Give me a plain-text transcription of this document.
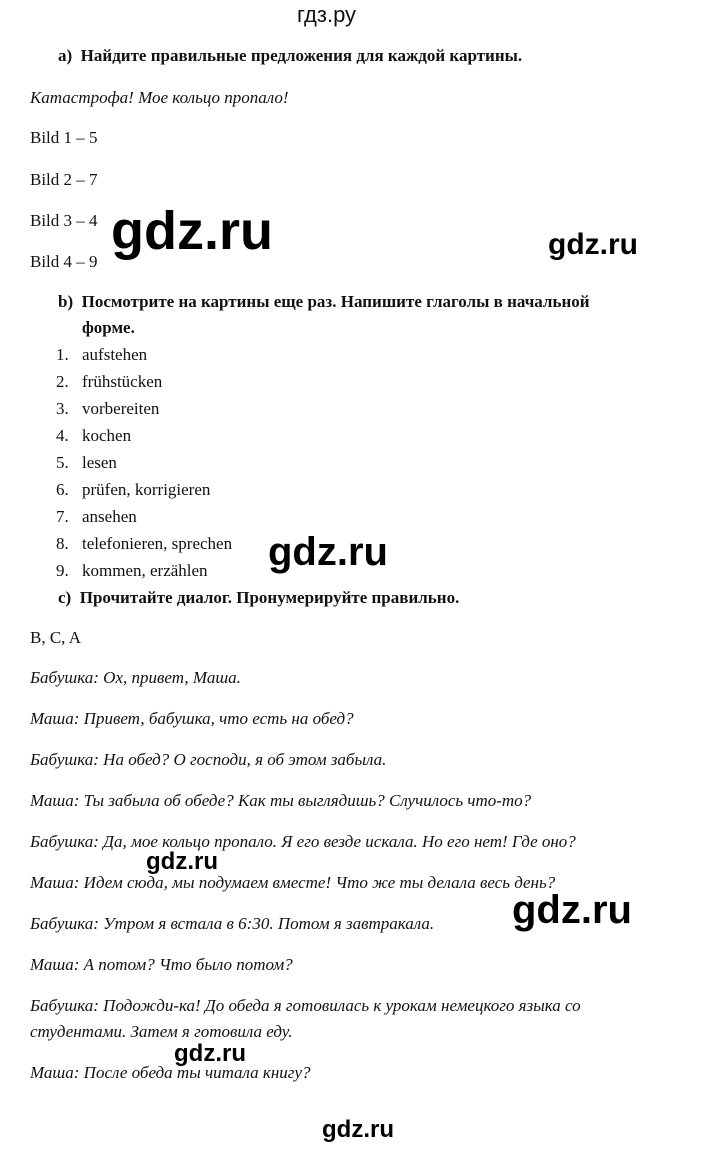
гдз.ру
a) Найдите правильные предложения для каждой картины.
Катастрофа! Мое кольцо пропало!
Bild 1 – 5
Bild 2 – 7
Bild 3 – 4
Bild 4 – 9
b) Посмотрите на картины еще раз. Напишите глаголы в начальной
форме.
1. aufstehen
2. frühstücken
3. vorbereiten
4. kochen
5. lesen
6. prüfen, korrigieren
7. ansehen
8. telefonieren, sprechen
9. kommen, erzählen
c) Прочитайте диалог. Пронумерируйте правильно.
B, C, A
Бабушка: Ох, привет, Маша.
Маша: Привет, бабушка, что есть на обед?
Бабушка: На обед? О господи, я об этом забыла.
Маша: Ты забыла об обеде? Как ты выглядишь? Случилось что-то?
Бабушка: Да, мое кольцо пропало. Я его везде искала. Но его нет! Где оно?
Маша: Идем сюда, мы подумаем вместе! Что же ты делала весь день?
Бабушка: Утром я встала в 6:30. Потом я завтракала.
Маша: А потом? Что было потом?
Бабушка: Подожди-ка! До обеда я готовилась к урокам немецкого языка со
студентами. Затем я готовила еду.
Маша: После обеда ты читала книгу?
gdz.ru	gdz.ru
gdz.ru
gdz.ru
gdz.ru
gdz.ru
gdz.ru
